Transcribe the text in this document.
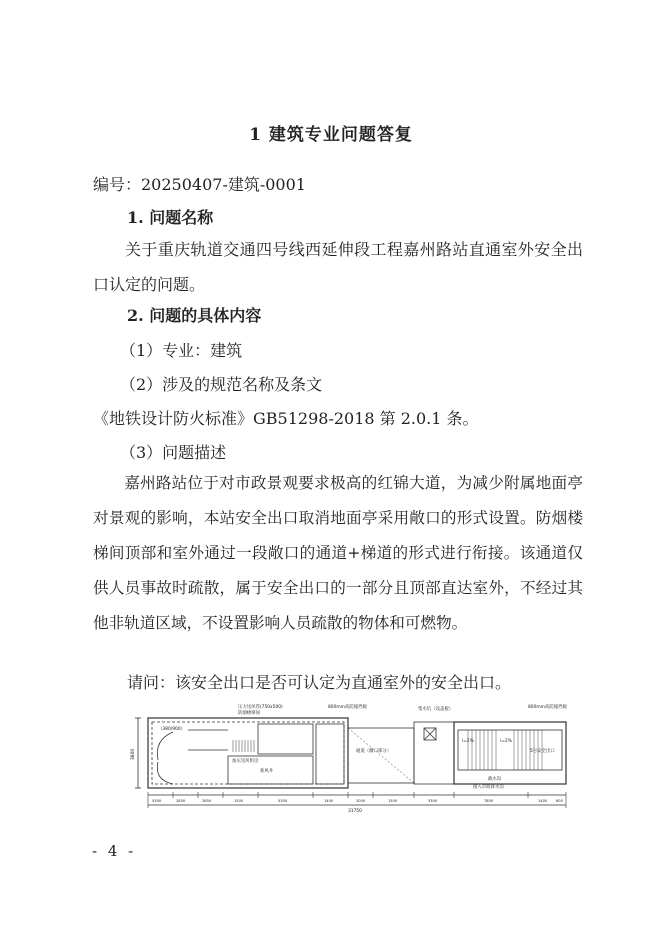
1 建筑专业问题答复
编号：20250407-建筑-0001
1. 问题名称
关于重庆轨道交通四号线西延伸段工程嘉州路站直通室外安全出口认定的问题。
2. 问题的具体内容
（1）专业：建筑
（2）涉及的规范名称及条文
《地铁设计防火标准》GB51298-2018 第 2.0.1 条。
（3）问题描述
嘉州路站位于对市政景观要求极高的红锦大道，为减少附属地面亭对景观的影响，本站安全出口取消地面亭采用敞口的形式设置。防烟楼梯间顶部和室外通过一段敞口的通道+梯道的形式进行衔接。该通道仅供人员事故时疏散，属于安全出口的一部分且顶部直达室外，不经过其他非轨道区域，不设置影响人员疏散的物体和可燃物。
请问：该安全出口是否可认定为直通室外的安全出口。
压力送风管(750x500)
防烟楼梯间
800mm高防撞挡板	集水坑（设盖板）	800mm高防撞挡板
通道（敞口部分）	5号安全出口
i=2%	i=2%
加压送风机房
新风井
（380/900）
截水沟
接入市政排水沟
31750
3800
5300	2850	2850	1500	5300	1400	2000	1500	3300	7850	1400 800
- 4 -
